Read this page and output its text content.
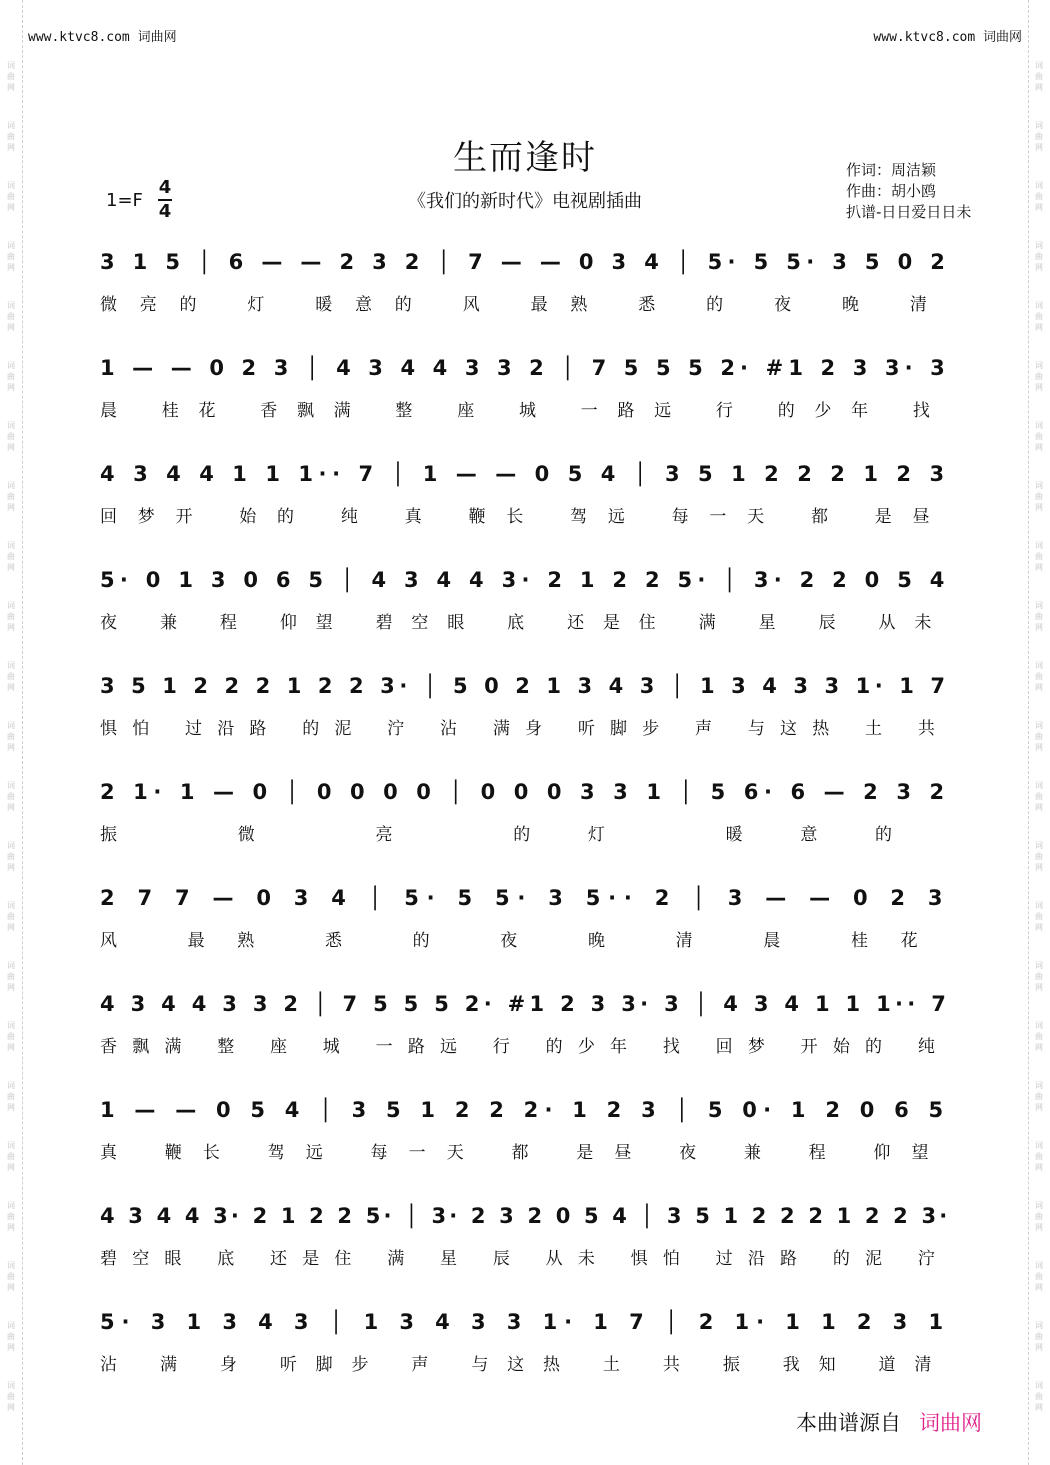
www.ktvc8.com 词曲网	www.ktvc8.com 词曲网
词
曲
网
词
曲
网
词
曲
网
词
曲
网
词
曲
网
词
曲
网
词
曲
网
词
曲
网
词
曲
网
词
曲
网
词
曲
网
词
曲
网
词
曲
网
词
曲
网
词
曲
网
词
曲
网
词
曲
网
词
曲
网
词
曲
网
词
曲
网
词
曲
网
词
曲
网
词
曲
网
词
曲
网
词
曲
网
词
曲
网
词
曲
网
词
曲
网
词
曲
网
词
曲
网
词
曲
网
词
曲
网
词
曲
网
词
曲
网
词
曲
网
词
曲
网
词
曲
网
词
曲
网
词
曲
网
词
曲
网
词
曲
网
词
曲
网
词
曲
网
词
曲
网
词
曲
网
词
曲
网
生而逢时
《我们的新时代》电视剧插曲
作词：周洁颖
作曲：胡小鸥
扒谱-日日爱日日未
1=F
4
4
3 1 5 │ 6 — — 2 3 2 │ 7 — — 0 3 4 │ 5· 5 5· 3 5 0 2
微亮的 灯 暖意的 风 最熟 悉 的 夜 晚 清
1 — — 0 2 3 │ 4 3 4 4 3 3 2 │ 7 5 5 5 2· #1 2 3 3· 3
晨 桂花 香飘满 整 座 城 一路远 行 的少年 找
4 3 4 4 1 1 1·· 7 │ 1 — — 0 5 4 │ 3 5 1 2 2 2 1 2 3
回梦开 始的 纯 真 鞭长 驾远 每一天 都 是昼
5· 0 1 3 0 6 5 │ 4 3 4 4 3· 2 1 2 2 5· │ 3· 2 2 0 5 4
夜 兼 程 仰望 碧空眼 底 还是住 满 星 辰 从未
3 5 1 2 2 2 1 2 2 3· │ 5 0 2 1 3 4 3 │ 1 3 4 3 3 1· 1 7
惧怕 过沿路 的泥 泞 沾 满身 听脚步 声 与这热 土 共
2 1· 1 — 0 │ 0 0 0 0 │ 0 0 0 3 3 1 │ 5 6· 6 — 2 3 2
振 微 亮 的灯 暖意的
2 7 7 — 0 3 4 │ 5· 5 5· 3 5·· 2 │ 3 — — 0 2 3
风 最熟 悉 的 夜 晚 清 晨 桂花
4 3 4 4 3 3 2 │ 7 5 5 5 2· #1 2 3 3· 3 │ 4 3 4 1 1 1·· 7
香飘满 整 座 城 一路远 行 的少年 找 回梦 开始的 纯
1 — — 0 5 4 │ 3 5 1 2 2 2· 1 2 3 │ 5 0· 1 2 0 6 5
真 鞭长 驾远 每一天 都 是昼 夜 兼 程 仰望
4 3 4 4 3· 2 1 2 2 5· │ 3· 2 3 2 0 5 4 │ 3 5 1 2 2 2 1 2 2 3·
碧空眼 底 还是住 满 星 辰 从未 惧怕 过沿路 的泥 泞
5· 3 1 3 4 3 │ 1 3 4 3 3 1· 1 7 │ 2 1· 1 1 2 3 1
沾 满 身 听脚步 声 与这热 土 共 振 我知 道清
本曲谱源自 词曲网
